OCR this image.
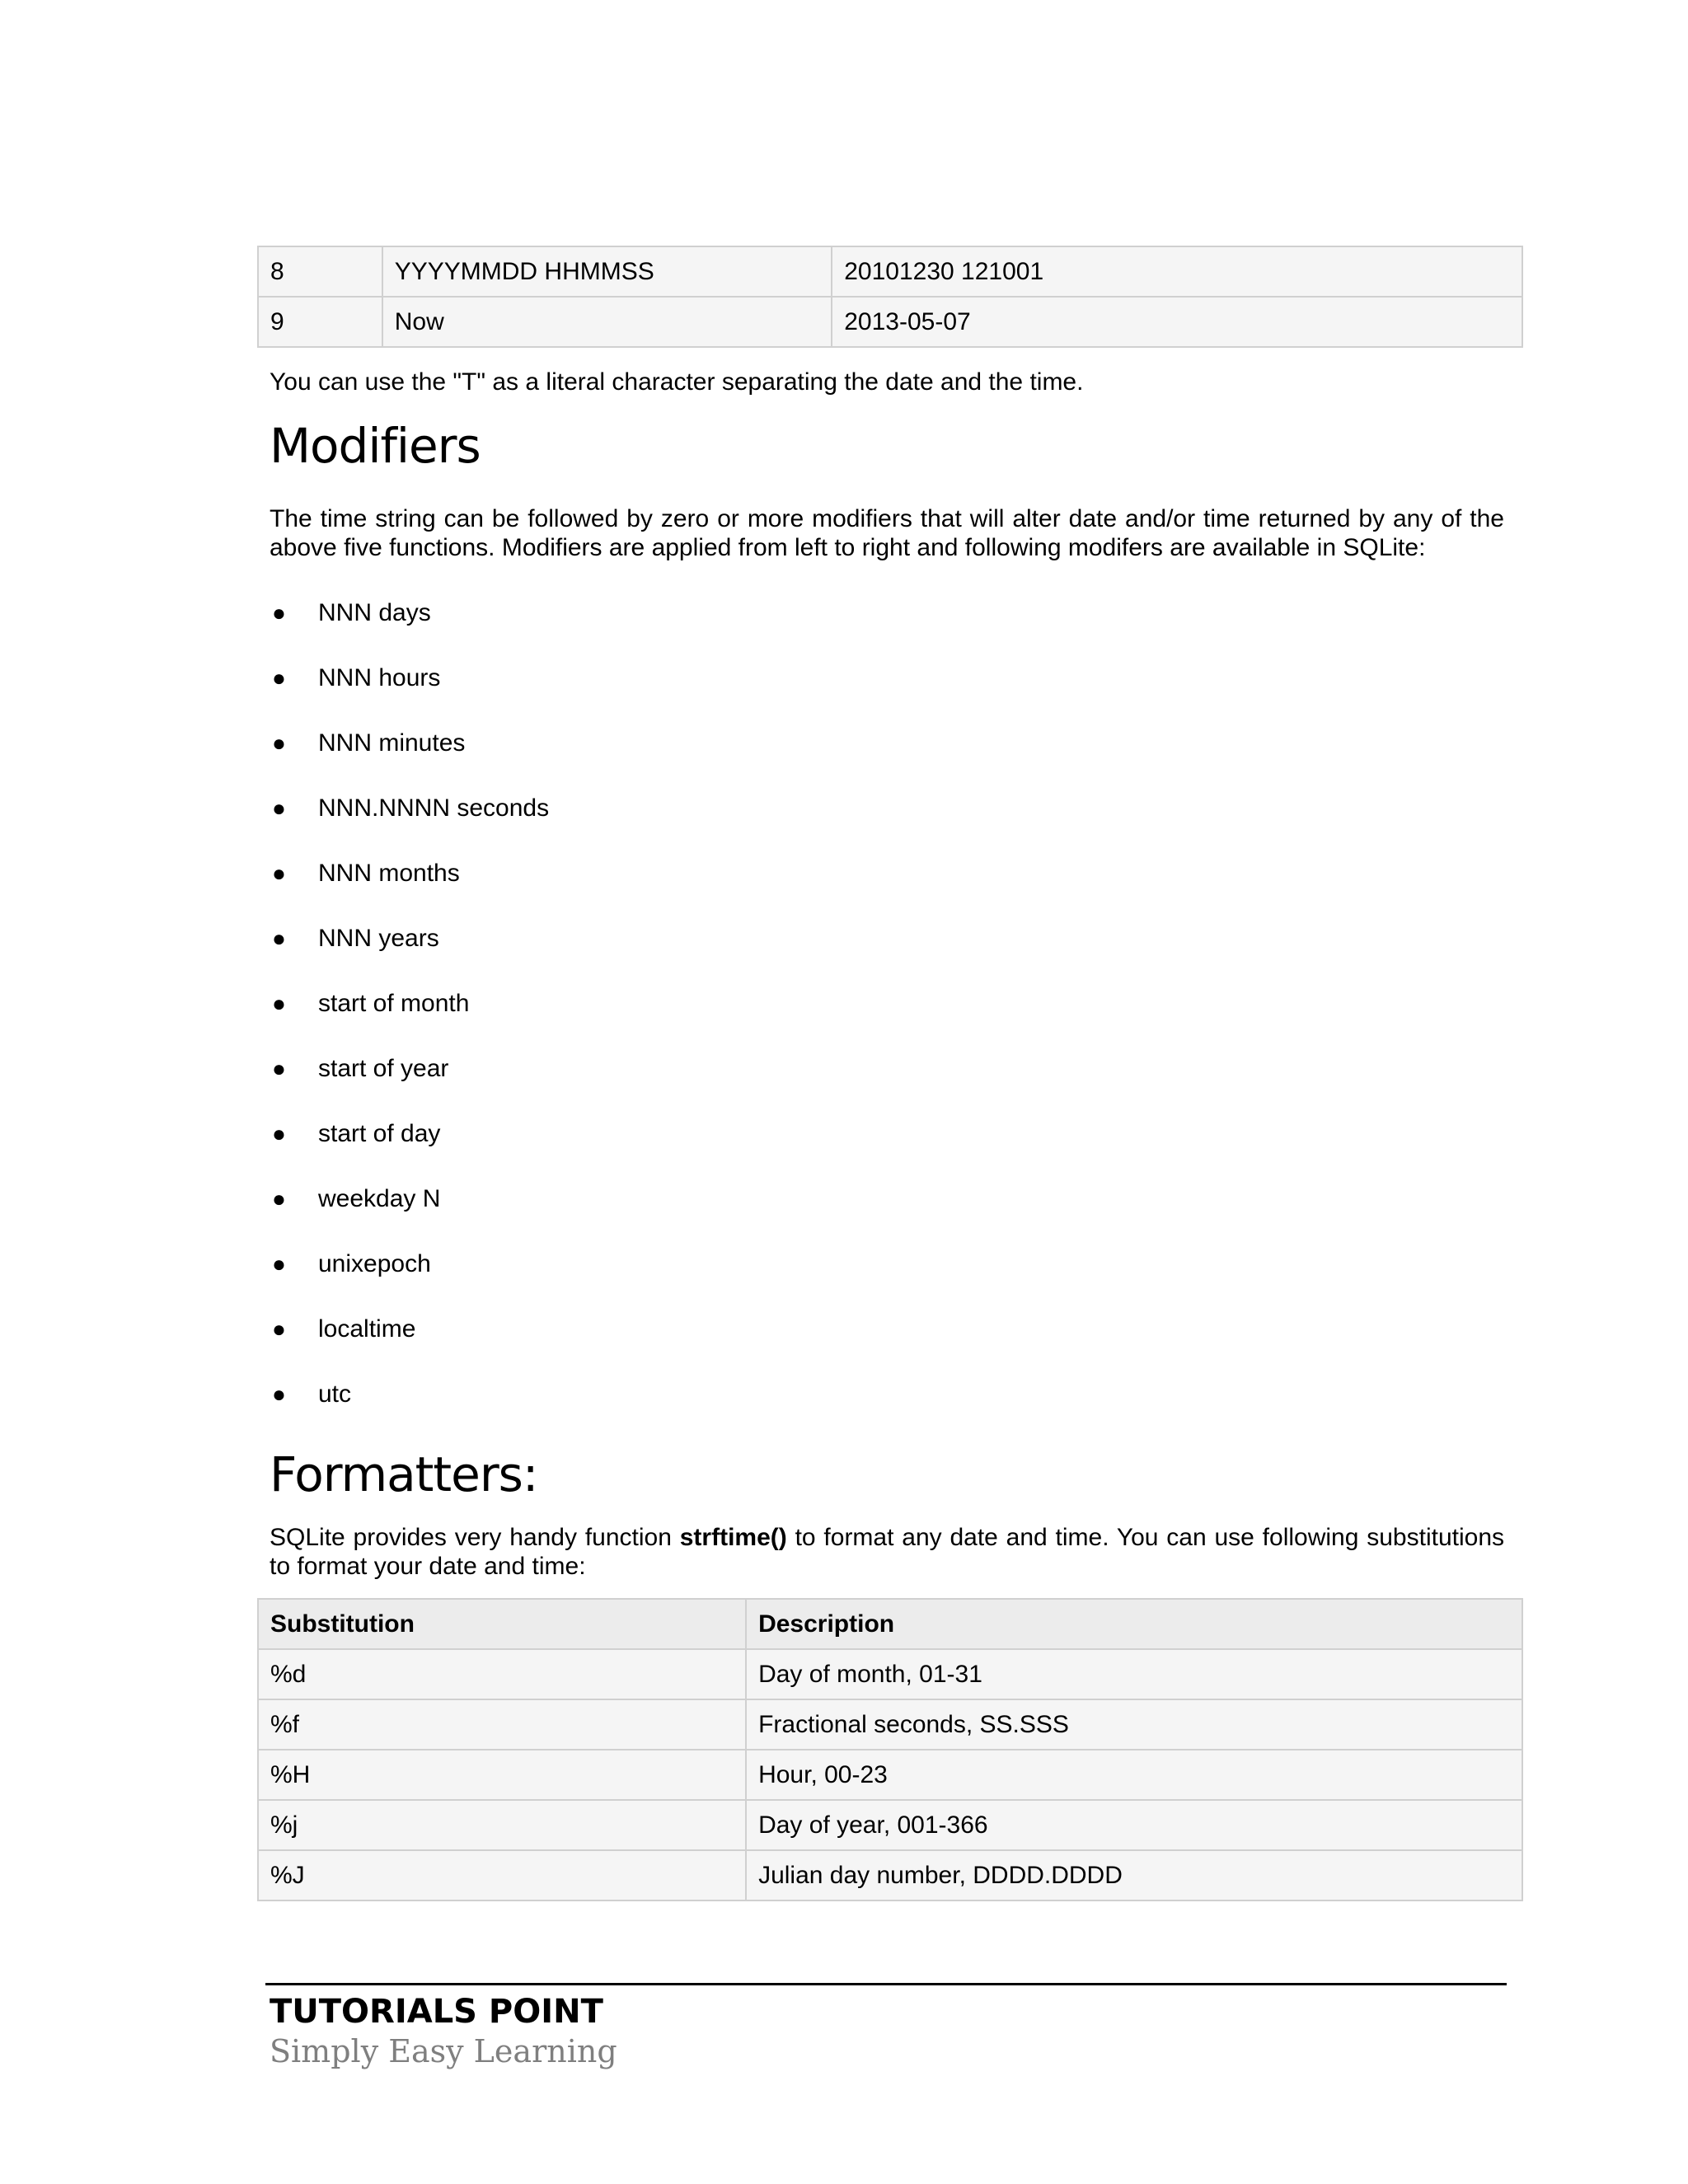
8	YYYYMMDD HHMMSS	20101230 121001
9	Now	2013-05-07

You can use the "T" as a literal character separating the date and the time.

Modifiers

The time string can be followed by zero or more modifiers that will alter date and/or time returned by any of the above five functions. Modifiers are applied from left to right and following modifers are available in SQLite:

● NNN days
● NNN hours
● NNN minutes
● NNN.NNNN seconds
● NNN months
● NNN years
● start of month
● start of year
● start of day
● weekday N
● unixepoch
● localtime
● utc
Formatters:

SQLite provides very handy function strftime() to format any date and time. You can use following substitutions to format your date and time:

Substitution	Description
%d	Day of month, 01-31
%f	Fractional seconds, SS.SSS
%H	Hour, 00-23
%j	Day of year, 001-366
%J	Julian day number, DDDD.DDDD

TUTORIALS POINT

Simply Easy Learning
